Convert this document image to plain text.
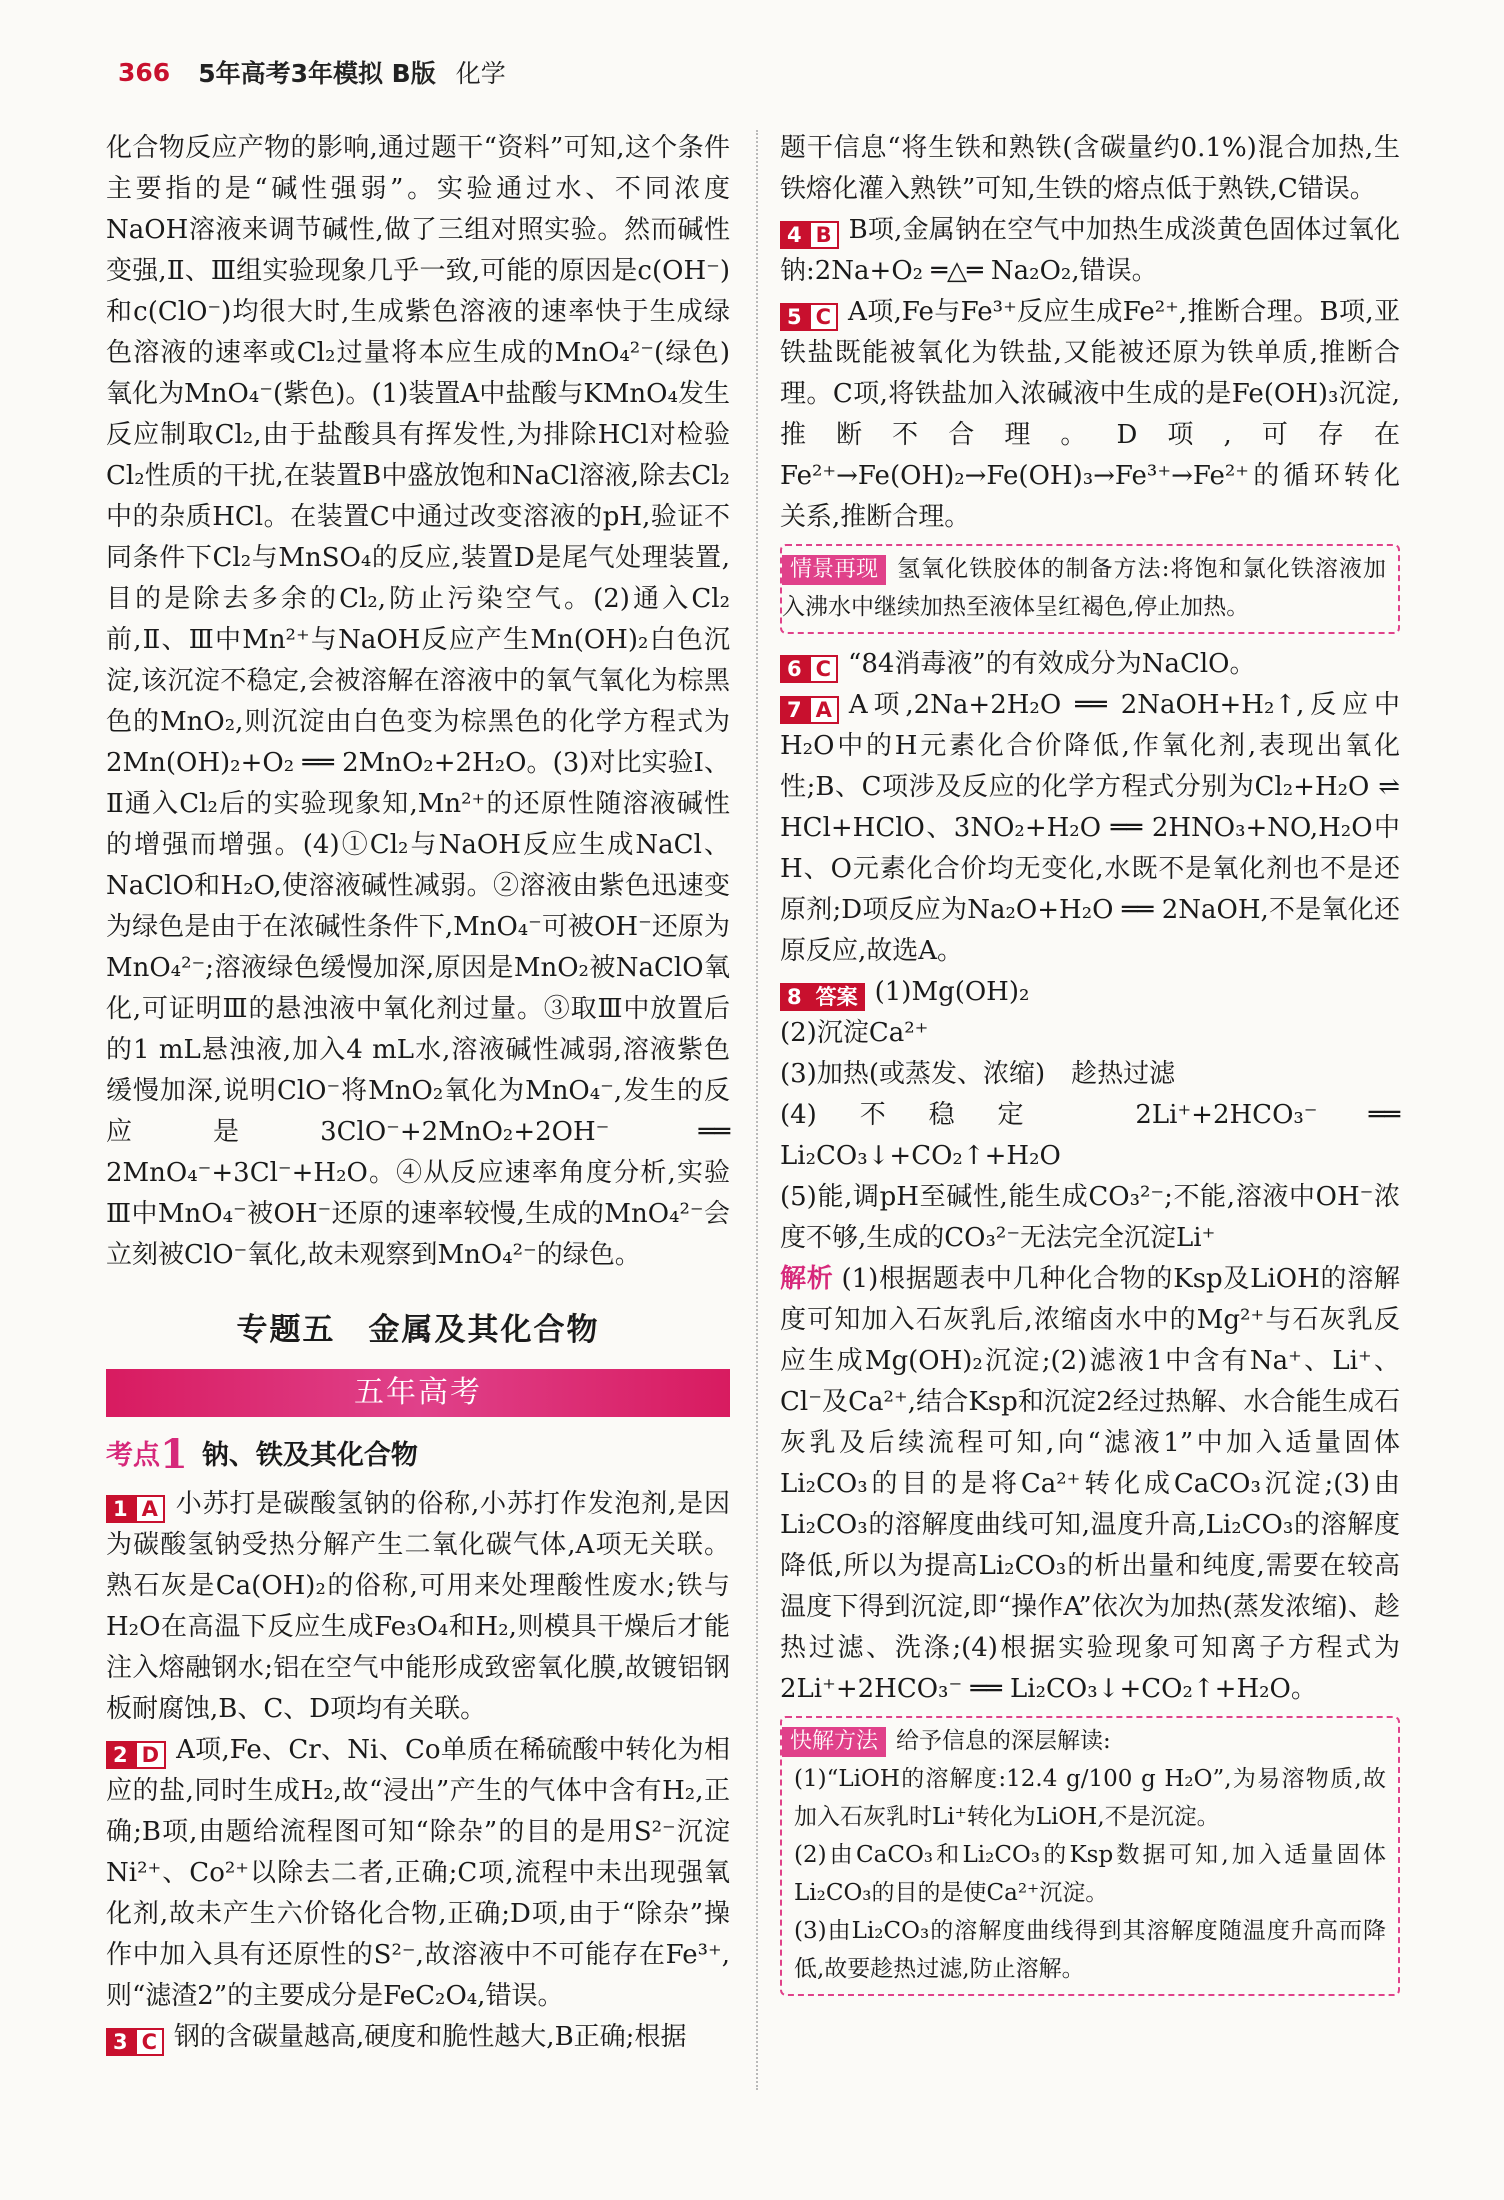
366 5年高考3年模拟 B版 化学

化合物反应产物的影响,通过题干“资料”可知,这个条件主要指的是“碱性强弱”。实验通过水、不同浓度NaOH溶液来调节碱性,做了三组对照实验。然而碱性变强,Ⅱ、Ⅲ组实验现象几乎一致,可能的原因是c(OH⁻)和c(ClO⁻)均很大时,生成紫色溶液的速率快于生成绿色溶液的速率或Cl₂过量将本应生成的MnO₄²⁻(绿色)氧化为MnO₄⁻(紫色)。(1)装置A中盐酸与KMnO₄发生反应制取Cl₂,由于盐酸具有挥发性,为排除HCl对检验Cl₂性质的干扰,在装置B中盛放饱和NaCl溶液,除去Cl₂中的杂质HCl。在装置C中通过改变溶液的pH,验证不同条件下Cl₂与MnSO₄的反应,装置D是尾气处理装置,目的是除去多余的Cl₂,防止污染空气。(2)通入Cl₂前,Ⅱ、Ⅲ中Mn²⁺与NaOH反应产生Mn(OH)₂白色沉淀,该沉淀不稳定,会被溶解在溶液中的氧气氧化为棕黑色的MnO₂,则沉淀由白色变为棕黑色的化学方程式为2Mn(OH)₂+O₂ ══ 2MnO₂+2H₂O。(3)对比实验Ⅰ、Ⅱ通入Cl₂后的实验现象知,Mn²⁺的还原性随溶液碱性的增强而增强。(4)①Cl₂与NaOH反应生成NaCl、NaClO和H₂O,使溶液碱性减弱。②溶液由紫色迅速变为绿色是由于在浓碱性条件下,MnO₄⁻可被OH⁻还原为MnO₄²⁻;溶液绿色缓慢加深,原因是MnO₂被NaClO氧化,可证明Ⅲ的悬浊液中氧化剂过量。③取Ⅲ中放置后的1 mL悬浊液,加入4 mL水,溶液碱性减弱,溶液紫色缓慢加深,说明ClO⁻将MnO₂氧化为MnO₄⁻,发生的反应是3ClO⁻+2MnO₂+2OH⁻ ══ 2MnO₄⁻+3Cl⁻+H₂O。④从反应速率角度分析,实验Ⅲ中MnO₄⁻被OH⁻还原的速率较慢,生成的MnO₄²⁻会立刻被ClO⁻氧化,故未观察到MnO₄²⁻的绿色。

专题五　金属及其化合物
五年高考
考点1 钠、铁及其化合物

1 A 小苏打是碳酸氢钠的俗称,小苏打作发泡剂,是因为碳酸氢钠受热分解产生二氧化碳气体,A项无关联。熟石灰是Ca(OH)₂的俗称,可用来处理酸性废水;铁与H₂O在高温下反应生成Fe₃O₄和H₂,则模具干燥后才能注入熔融钢水;铝在空气中能形成致密氧化膜,故镀铝钢板耐腐蚀,B、C、D项均有关联。

2 D A项,Fe、Cr、Ni、Co单质在稀硫酸中转化为相应的盐,同时生成H₂,故“浸出”产生的气体中含有H₂,正确;B项,由题给流程图可知“除杂”的目的是用S²⁻沉淀Ni²⁺、Co²⁺以除去二者,正确;C项,流程中未出现强氧化剂,故未产生六价铬化合物,正确;D项,由于“除杂”操作中加入具有还原性的S²⁻,故溶液中不可能存在Fe³⁺,则“滤渣2”的主要成分是FeC₂O₄,错误。

3 C 钢的含碳量越高,硬度和脆性越大,B正确;根据

题干信息“将生铁和熟铁(含碳量约0.1%)混合加热,生铁熔化灌入熟铁”可知,生铁的熔点低于熟铁,C错误。

4 B B项,金属钠在空气中加热生成淡黄色固体过氧化钠:2Na+O₂ ═△═ Na₂O₂,错误。

5 C A项,Fe与Fe³⁺反应生成Fe²⁺,推断合理。B项,亚铁盐既能被氧化为铁盐,又能被还原为铁单质,推断合理。C项,将铁盐加入浓碱液中生成的是Fe(OH)₃沉淀,推断不合理。D项,可存在Fe²⁺→Fe(OH)₂→Fe(OH)₃→Fe³⁺→Fe²⁺的循环转化关系,推断合理。

情景再现 氢氧化铁胶体的制备方法:将饱和氯化铁溶液加入沸水中继续加热至液体呈红褐色,停止加热。

6 C “84消毒液”的有效成分为NaClO。

7 A A项,2Na+2H₂O ══ 2NaOH+H₂↑,反应中H₂O中的H元素化合价降低,作氧化剂,表现出氧化性;B、C项涉及反应的化学方程式分别为Cl₂+H₂O ⇌ HCl+HClO、3NO₂+H₂O ══ 2HNO₃+NO,H₂O中H、O元素化合价均无变化,水既不是氧化剂也不是还原剂;D项反应为Na₂O+H₂O ══ 2NaOH,不是氧化还原反应,故选A。

8 答案 (1)Mg(OH)₂

(2)沉淀Ca²⁺

(3)加热(或蒸发、浓缩)　趁热过滤

(4)不稳定　2Li⁺+2HCO₃⁻ ══ Li₂CO₃↓+CO₂↑+H₂O

(5)能,调pH至碱性,能生成CO₃²⁻;不能,溶液中OH⁻浓度不够,生成的CO₃²⁻无法完全沉淀Li⁺

解析 (1)根据题表中几种化合物的Ksp及LiOH的溶解度可知加入石灰乳后,浓缩卤水中的Mg²⁺与石灰乳反应生成Mg(OH)₂沉淀;(2)滤液1中含有Na⁺、Li⁺、Cl⁻及Ca²⁺,结合Ksp和沉淀2经过热解、水合能生成石灰乳及后续流程可知,向“滤液1”中加入适量固体Li₂CO₃的目的是将Ca²⁺转化成CaCO₃沉淀;(3)由Li₂CO₃的溶解度曲线可知,温度升高,Li₂CO₃的溶解度降低,所以为提高Li₂CO₃的析出量和纯度,需要在较高温度下得到沉淀,即“操作A”依次为加热(蒸发浓缩)、趁热过滤、洗涤;(4)根据实验现象可知离子方程式为2Li⁺+2HCO₃⁻ ══ Li₂CO₃↓+CO₂↑+H₂O。

快解方法 给予信息的深层解读:

(1)“LiOH的溶解度:12.4 g/100 g H₂O”,为易溶物质,故加入石灰乳时Li⁺转化为LiOH,不是沉淀。

(2)由CaCO₃和Li₂CO₃的Ksp数据可知,加入适量固体Li₂CO₃的目的是使Ca²⁺沉淀。

(3)由Li₂CO₃的溶解度曲线得到其溶解度随温度升高而降低,故要趁热过滤,防止溶解。
